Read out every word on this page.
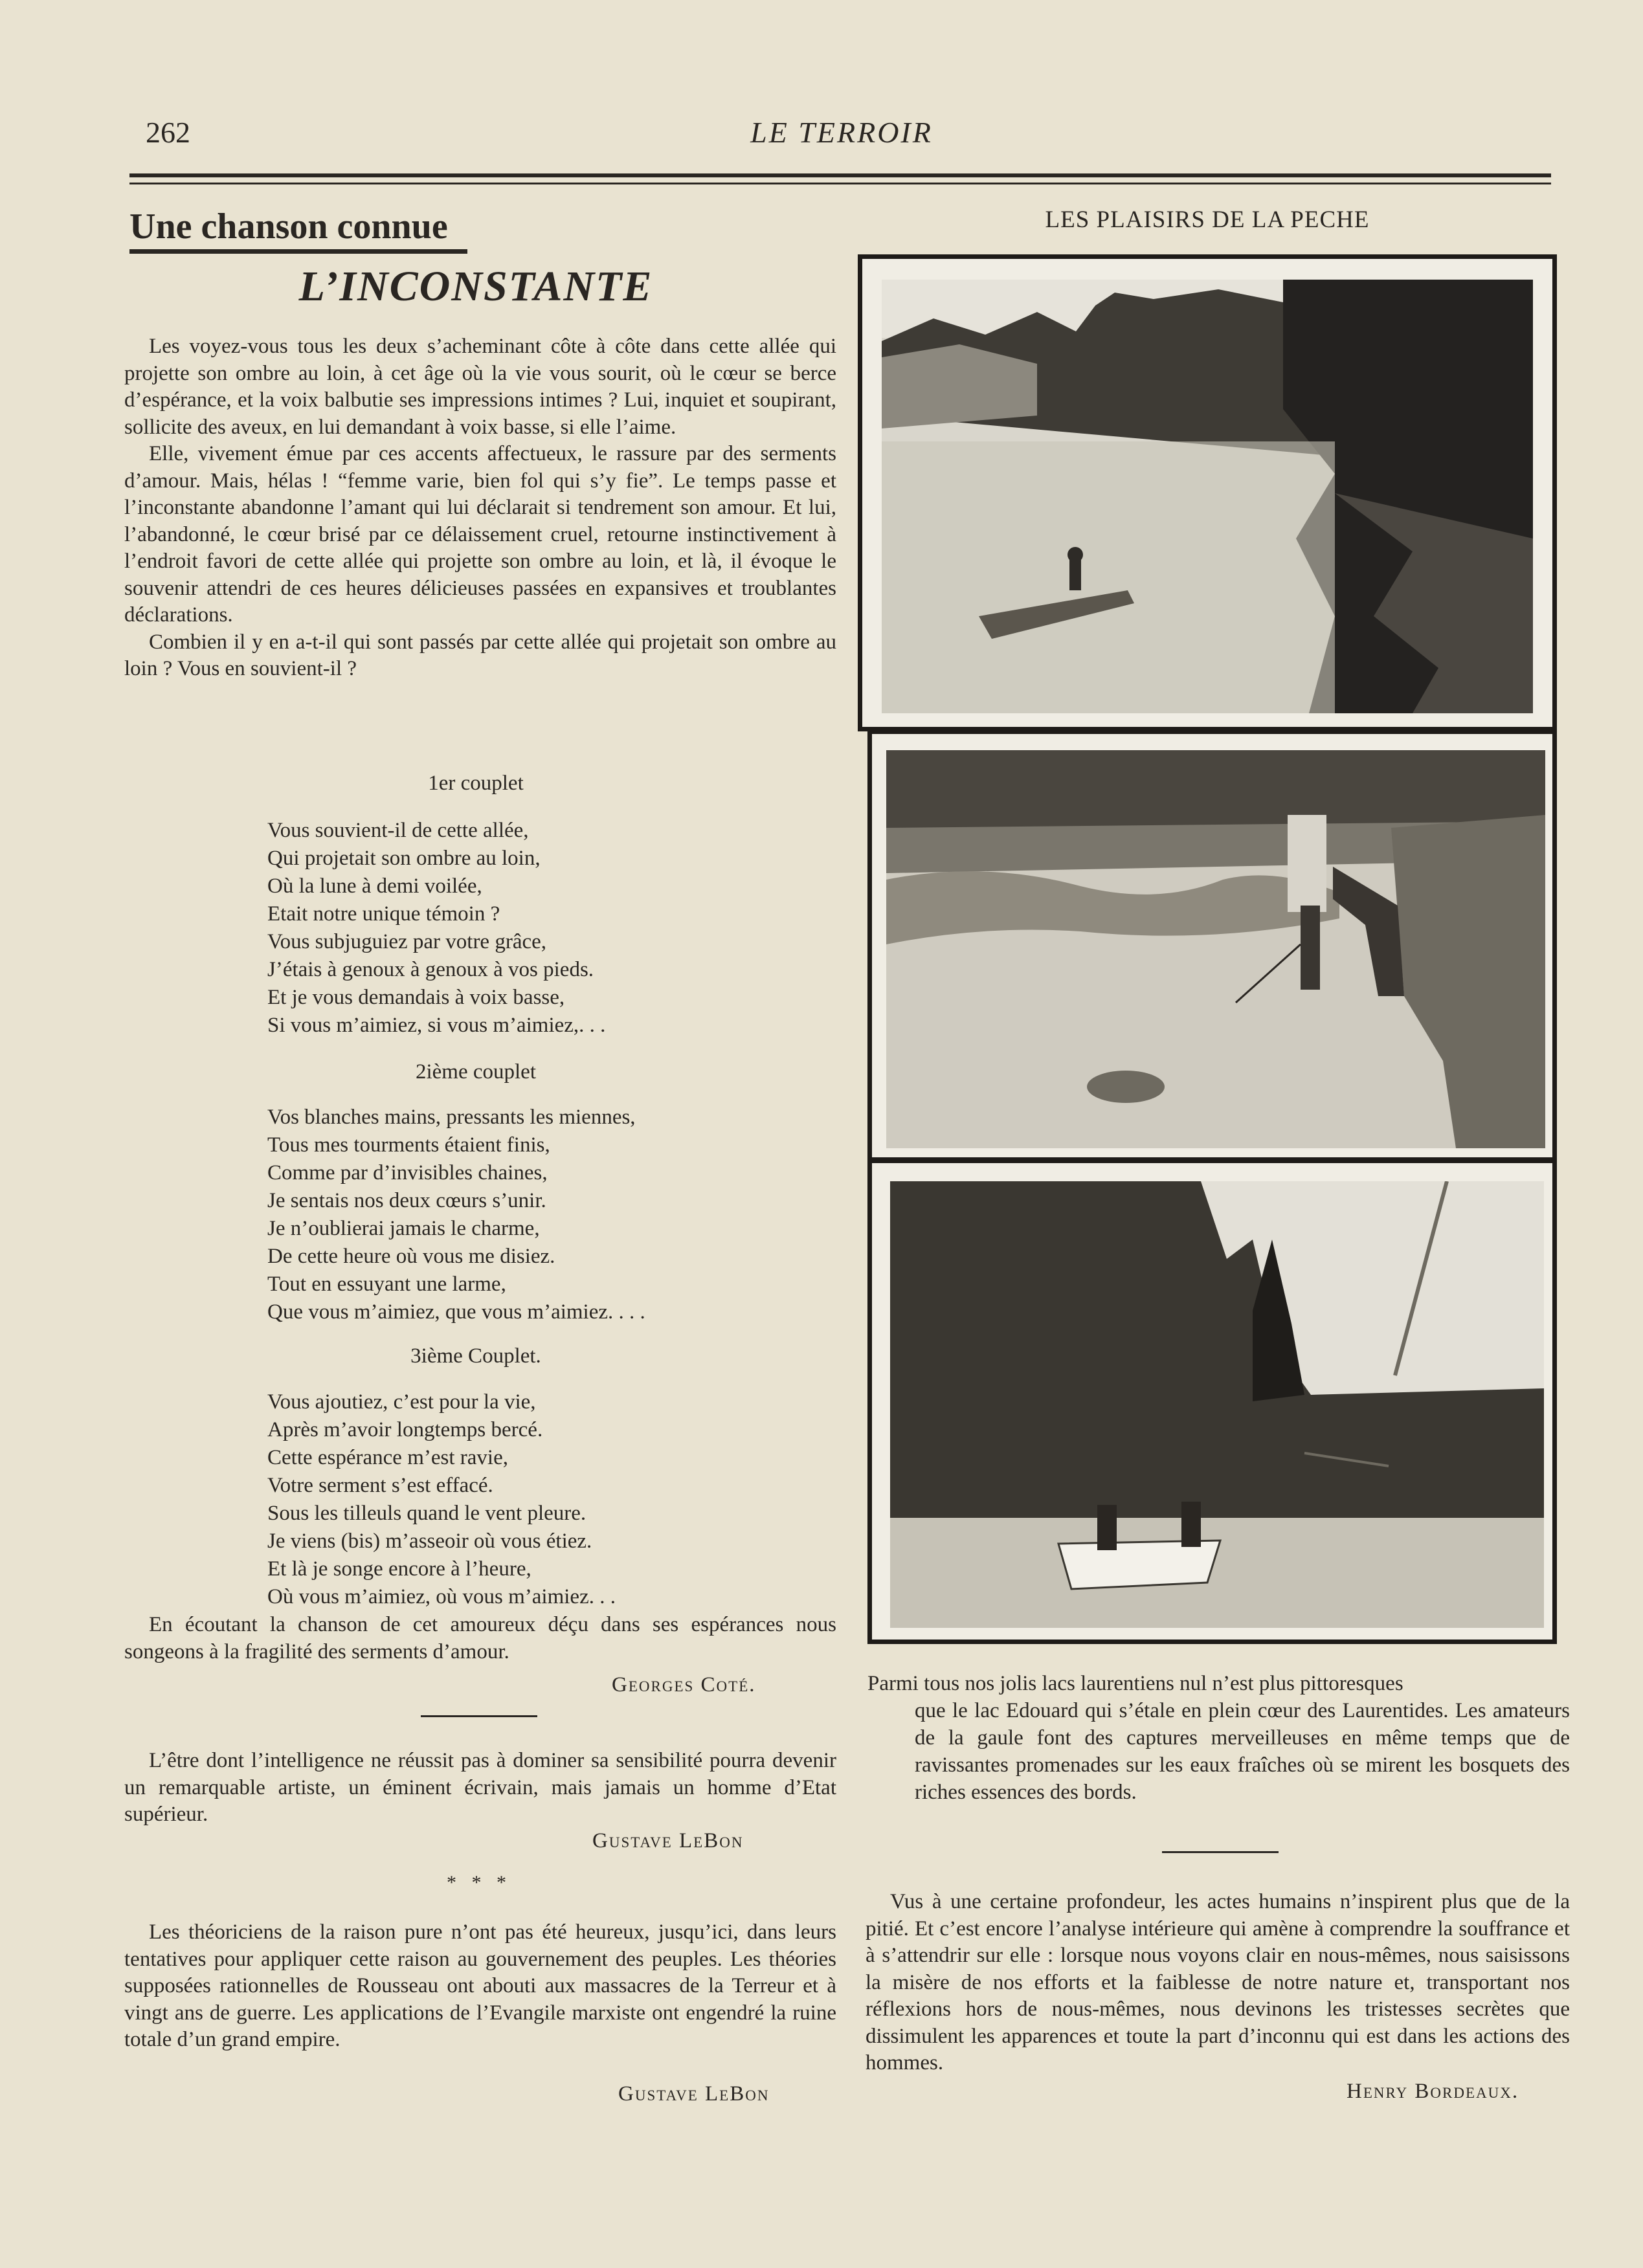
262	LE TERROIR
Une chanson connue
L’INCONSTANTE

Les voyez-vous tous les deux s’acheminant côte à côte dans cette allée qui projette son ombre au loin, à cet âge où la vie vous sourit, où le cœur se berce d’espérance, et la voix balbutie ses impressions intimes ? Lui, inquiet et soupirant, sollicite des aveux, en lui demandant à voix basse, si elle l’aime.

Elle, vivement émue par ces accents affectueux, le rassure par des serments d’amour. Mais, hélas ! “femme varie, bien fol qui s’y fie”. Le temps passe et l’inconstante abandonne l’amant qui lui déclarait si tendrement son amour. Et lui, l’abandonné, le cœur brisé par ce délaissement cruel, retourne instinctivement à l’endroit favori de cette allée qui projette son ombre au loin, et là, il évoque le souvenir attendri de ces heures délicieuses passées en expansives et troublantes déclarations.

Combien il y en a-t-il qui sont passés par cette allée qui projetait son ombre au loin ? Vous en souvient-il ?

1er couplet
Vous souvient-il de cette allée,
Qui projetait son ombre au loin,
Où la lune à demi voilée,
Etait notre unique témoin ?
Vous subjuguiez par votre grâce,
J’étais à genoux à genoux à vos pieds.
Et je vous demandais à voix basse,
Si vous m’aimiez, si vous m’aimiez,. . .
2ième couplet
Vos blanches mains, pressants les miennes,
Tous mes tourments étaient finis,
Comme par d’invisibles chaines,
Je sentais nos deux cœurs s’unir.
Je n’oublierai jamais le charme,
De cette heure où vous me disiez.
Tout en essuyant une larme,
Que vous m’aimiez, que vous m’aimiez. . . .
3ième Couplet.
Vous ajoutiez, c’est pour la vie,
Après m’avoir longtemps bercé.
Cette espérance m’est ravie,
Votre serment s’est effacé.
Sous les tilleuls quand le vent pleure.
Je viens (bis) m’asseoir où vous étiez.
Et là je songe encore à l’heure,
Où vous m’aimiez, où vous m’aimiez. . .

En écoutant la chanson de cet amoureux déçu dans ses espérances nous songeons à la fragilité des serments d’amour.

Georges Coté.

L’être dont l’intelligence ne réussit pas à dominer sa sensibilité pourra devenir un remarquable artiste, un éminent écrivain, mais jamais un homme d’Etat supérieur.

Gustave LeBon
* * *

Les théoriciens de la raison pure n’ont pas été heureux, jusqu’ici, dans leurs tentatives pour appliquer cette raison au gouvernement des peuples. Les théories supposées rationnelles de Rousseau ont abouti aux massacres de la Terreur et à vingt ans de guerre. Les applications de l’Evangile marxiste ont engendré la ruine totale d’un grand empire.

Gustave LeBon
LES PLAISIRS DE LA PECHE
Parmi tous nos jolis lacs laurentiens nul n’est plus pittoresques
que le lac Edouard qui s’étale en plein cœur des Laurentides. Les amateurs de la gaule font des captures merveilleuses en même temps que de ravissantes promenades sur les eaux fraîches où se mirent les bosquets des riches essences des bords.

Vus à une certaine profondeur, les actes humains n’inspirent plus que de la pitié. Et c’est encore l’analyse intérieure qui amène à comprendre la souffrance et à s’attendrir sur elle : lorsque nous voyons clair en nous-mêmes, nous saisissons la misère de nos efforts et la faiblesse de notre nature et, transportant nos réflexions hors de nous-mêmes, nous devinons les tristesses secrètes que dissimulent les apparences et toute la part d’inconnu qui est dans les actions des hommes.

Henry Bordeaux.
